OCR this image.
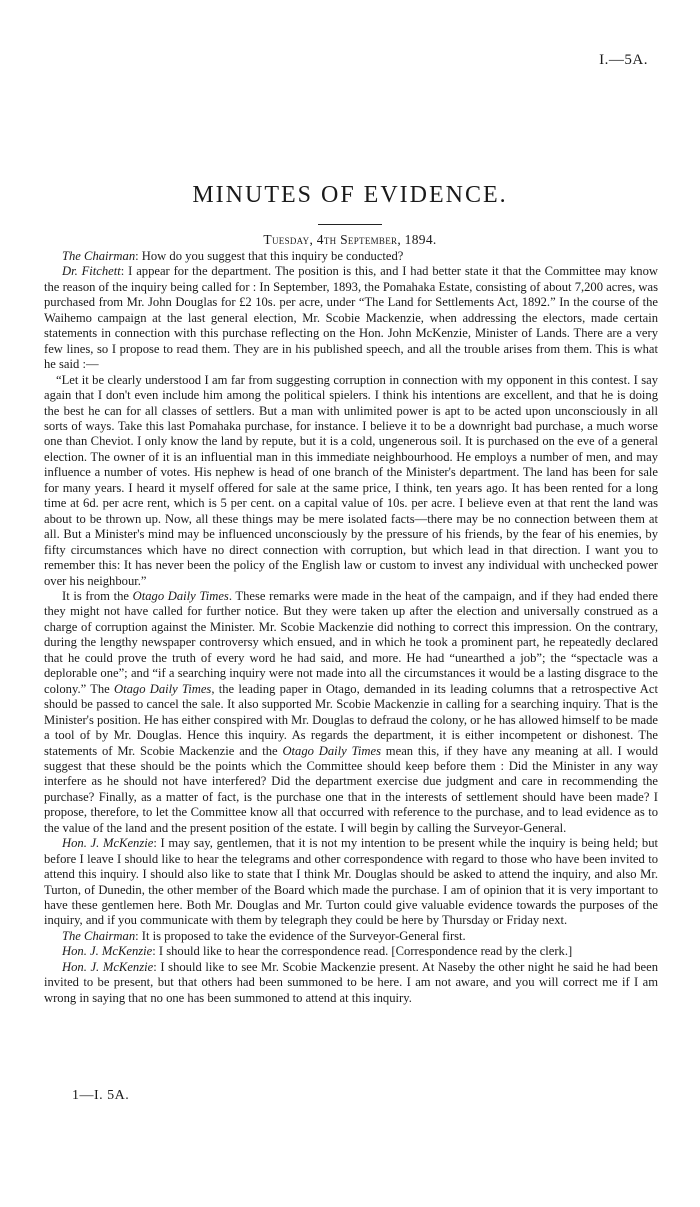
I.—5A.
MINUTES OF EVIDENCE.
Tuesday, 4th September, 1894.

The Chairman: How do you suggest that this inquiry be conducted?

Dr. Fitchett: I appear for the department. The position is this, and I had better state it that the Committee may know the reason of the inquiry being called for : In September, 1893, the Pomahaka Estate, consisting of about 7,200 acres, was purchased from Mr. John Douglas for £2 10s. per acre, under “The Land for Settlements Act, 1892.” In the course of the Waihemo campaign at the last general election, Mr. Scobie Mackenzie, when addressing the electors, made certain statements in connection with this purchase reflecting on the Hon. John McKenzie, Minister of Lands. There are a very few lines, so I propose to read them. They are in his published speech, and all the trouble arises from them. This is what he said :—

“Let it be clearly understood I am far from suggesting corruption in connection with my opponent in this contest. I say again that I don't even include him among the political spielers. I think his intentions are excellent, and that he is doing the best he can for all classes of settlers. But a man with unlimited power is apt to be acted upon unconsciously in all sorts of ways. Take this last Pomahaka purchase, for instance. I believe it to be a downright bad purchase, a much worse one than Cheviot. I only know the land by repute, but it is a cold, ungenerous soil. It is purchased on the eve of a general election. The owner of it is an influential man in this immediate neighbourhood. He employs a number of men, and may influence a number of votes. His nephew is head of one branch of the Minister's department. The land has been for sale for many years. I heard it myself offered for sale at the same price, I think, ten years ago. It has been rented for a long time at 6d. per acre rent, which is 5 per cent. on a capital value of 10s. per acre. I believe even at that rent the land was about to be thrown up. Now, all these things may be mere isolated facts—there may be no connection between them at all. But a Minister's mind may be influenced unconsciously by the pressure of his friends, by the fear of his enemies, by fifty circumstances which have no direct connection with corruption, but which lead in that direction. I want you to remember this: It has never been the policy of the English law or custom to invest any individual with unchecked power over his neighbour.”

It is from the Otago Daily Times. These remarks were made in the heat of the campaign, and if they had ended there they might not have called for further notice. But they were taken up after the election and universally construed as a charge of corruption against the Minister. Mr. Scobie Mackenzie did nothing to correct this impression. On the contrary, during the lengthy newspaper controversy which ensued, and in which he took a prominent part, he repeatedly declared that he could prove the truth of every word he had said, and more. He had “unearthed a job”; the “spectacle was a deplorable one”; and “if a searching inquiry were not made into all the circumstances it would be a lasting disgrace to the colony.” The Otago Daily Times, the leading paper in Otago, demanded in its leading columns that a retrospective Act should be passed to cancel the sale. It also supported Mr. Scobie Mackenzie in calling for a searching inquiry. That is the Minister's position. He has either conspired with Mr. Douglas to defraud the colony, or he has allowed himself to be made a tool of by Mr. Douglas. Hence this inquiry. As regards the department, it is either incompetent or dishonest. The statements of Mr. Scobie Mackenzie and the Otago Daily Times mean this, if they have any meaning at all. I would suggest that these should be the points which the Committee should keep before them : Did the Minister in any way interfere as he should not have interfered? Did the department exercise due judgment and care in recommending the purchase? Finally, as a matter of fact, is the purchase one that in the interests of settlement should have been made? I propose, therefore, to let the Committee know all that occurred with reference to the purchase, and to lead evidence as to the value of the land and the present position of the estate. I will begin by calling the Surveyor-General.

Hon. J. McKenzie: I may say, gentlemen, that it is not my intention to be present while the inquiry is being held; but before I leave I should like to hear the telegrams and other correspondence with regard to those who have been invited to attend this inquiry. I should also like to state that I think Mr. Douglas should be asked to attend the inquiry, and also Mr. Turton, of Dunedin, the other member of the Board which made the purchase. I am of opinion that it is very important to have these gentlemen here. Both Mr. Douglas and Mr. Turton could give valuable evidence towards the purposes of the inquiry, and if you communicate with them by telegraph they could be here by Thursday or Friday next.

The Chairman: It is proposed to take the evidence of the Surveyor-General first.

Hon. J. McKenzie: I should like to hear the correspondence read. [Correspondence read by the clerk.]

Hon. J. McKenzie: I should like to see Mr. Scobie Mackenzie present. At Naseby the other night he said he had been invited to be present, but that others had been summoned to be here. I am not aware, and you will correct me if I am wrong in saying that no one has been summoned to attend at this inquiry.

1—I. 5A.
